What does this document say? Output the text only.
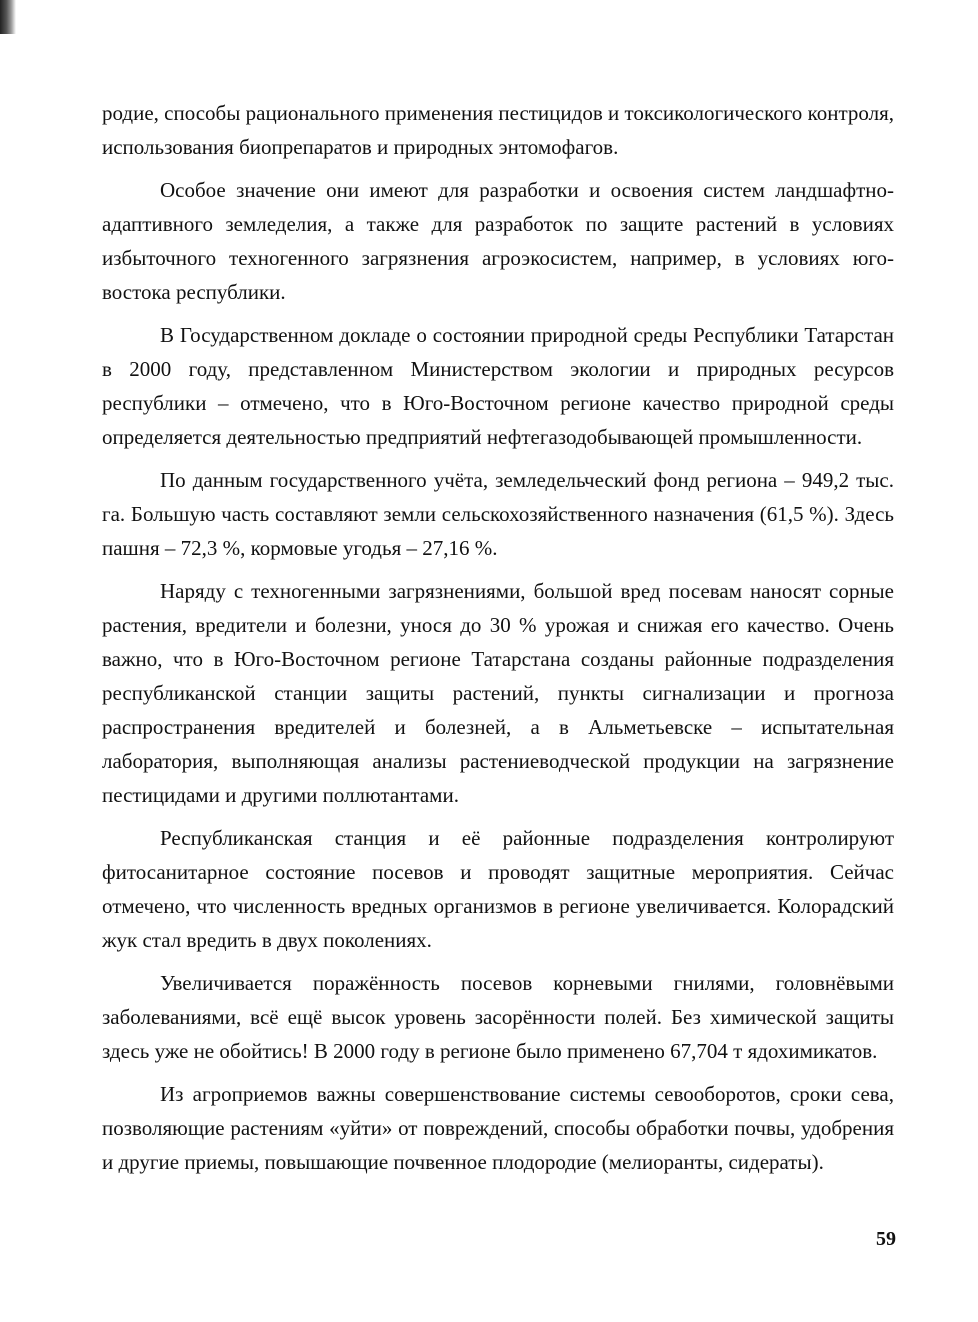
родие, способы рационального применения пестицидов и токсикологического контроля, использования биопрепаратов и природных энтомофагов.

Особое значение они имеют для разработки и освоения систем ландшафтно-адаптивного земледелия, а также для разработок по защите растений в условиях избыточного техногенного загрязнения агроэкосистем, например, в условиях юго-востока республики.

В Государственном докладе о состоянии природной среды Республики Татарстан в 2000 году, представленном Министерством экологии и природных ресурсов республики – отмечено, что в Юго-Восточном регионе качество природной среды определяется деятельностью предприятий нефтегазодобывающей промышленности.

По данным государственного учёта, земледельческий фонд региона – 949,2 тыс. га. Большую часть составляют земли сельскохозяйственного назначения (61,5 %). Здесь пашня – 72,3 %, кормовые угодья – 27,16 %.

Наряду с техногенными загрязнениями, большой вред посевам наносят сорные растения, вредители и болезни, унося до 30 % урожая и снижая его качество. Очень важно, что в Юго-Восточном регионе Татарстана созданы районные подразделения республиканской станции защиты растений, пункты сигнализации и прогноза распространения вредителей и болезней, а в Альметьевске – испытательная лаборатория, выполняющая анализы растениеводческой продукции на загрязнение пестицидами и другими поллютантами.

Республиканская станция и её районные подразделения контролируют фитосанитарное состояние посевов и проводят защитные мероприятия. Сейчас отмечено, что численность вредных организмов в регионе увеличивается. Колорадский жук стал вредить в двух поколениях.

Увеличивается поражённость посевов корневыми гнилями, головнёвыми заболеваниями, всё ещё высок уровень засорённости полей. Без химической защиты здесь уже не обойтись! В 2000 году в регионе было применено 67,704 т ядохимикатов.

Из агроприемов важны совершенствование системы севооборотов, сроки сева, позволяющие растениям «уйти» от повреждений, способы обработки почвы, удобрения и другие приемы, повышающие почвенное плодородие (мелиоранты, сидераты).

59
